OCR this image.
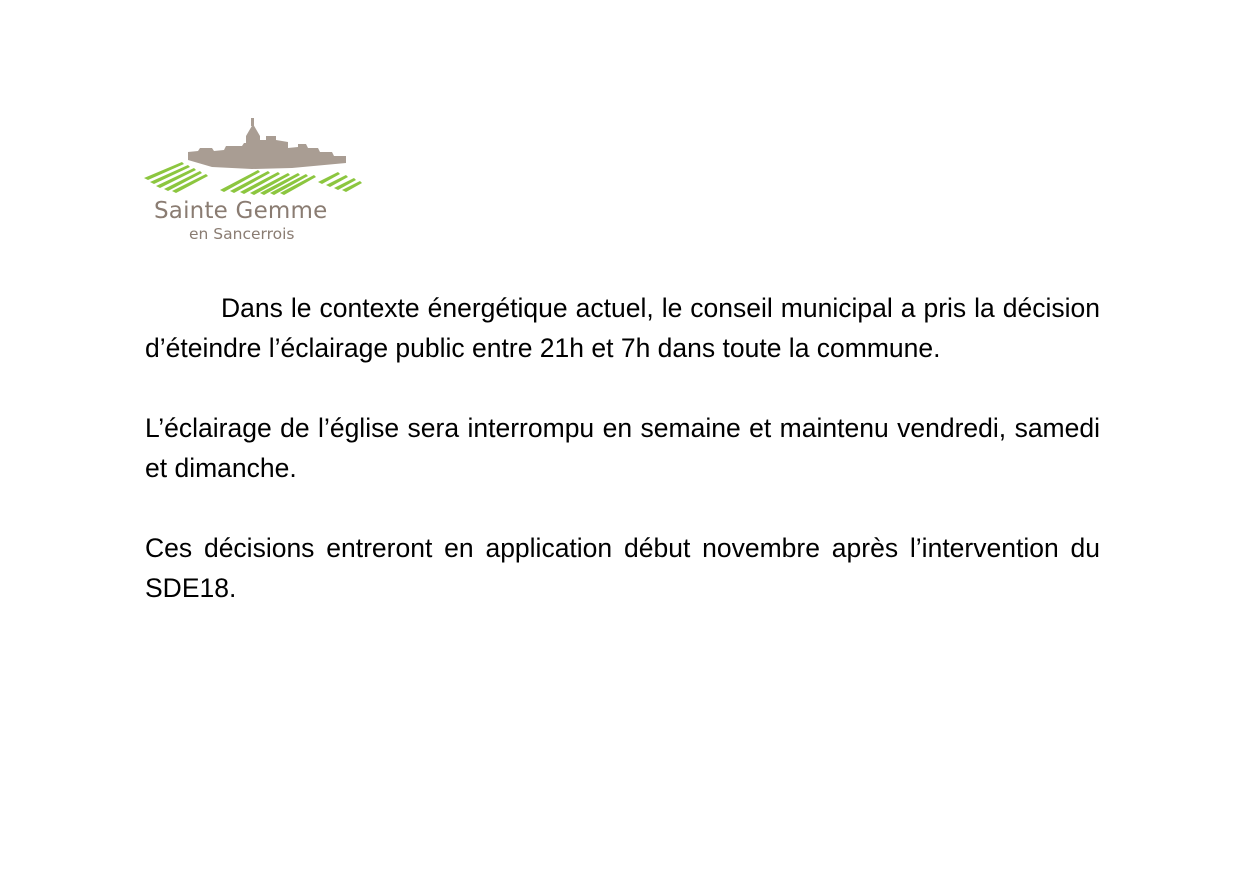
Sainte Gemme
en Sancerrois

Dans le contexte énergétique actuel, le conseil municipal a pris la décision d’éteindre l’éclairage public entre 21h et 7h dans toute la commune.

L’éclairage de l’église sera interrompu en semaine et maintenu vendredi, samedi et dimanche.

Ces décisions entreront en application début novembre après l’intervention du SDE18.
